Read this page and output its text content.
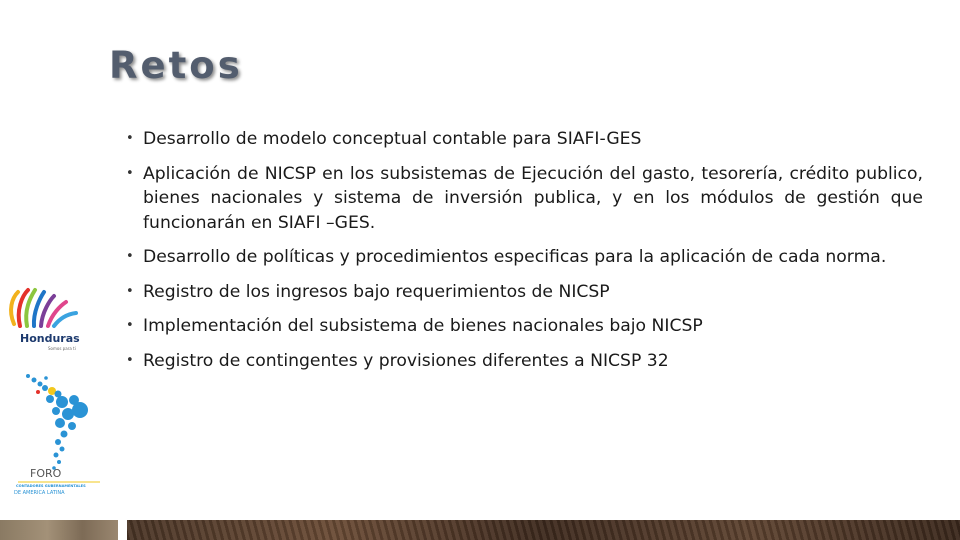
Retos
• Desarrollo de modelo conceptual contable para SIAFI-GES
• Aplicación de NICSP en los subsistemas de Ejecución del gasto, tesorería, crédito publico, bienes nacionales y sistema de inversión publica, y en los módulos de gestión que funcionarán en SIAFI –GES.
• Desarrollo de políticas y procedimientos especificas para la aplicación de cada norma.
• Registro de los ingresos bajo requerimientos de NICSP
• Implementación del subsistema de bienes nacionales bajo NICSP
• Registro de contingentes y provisiones diferentes a NICSP 32
Honduras
Somos para ti
FORO
CONTADORES GUBERNAMENTALES
DE AMERICA LATINA
